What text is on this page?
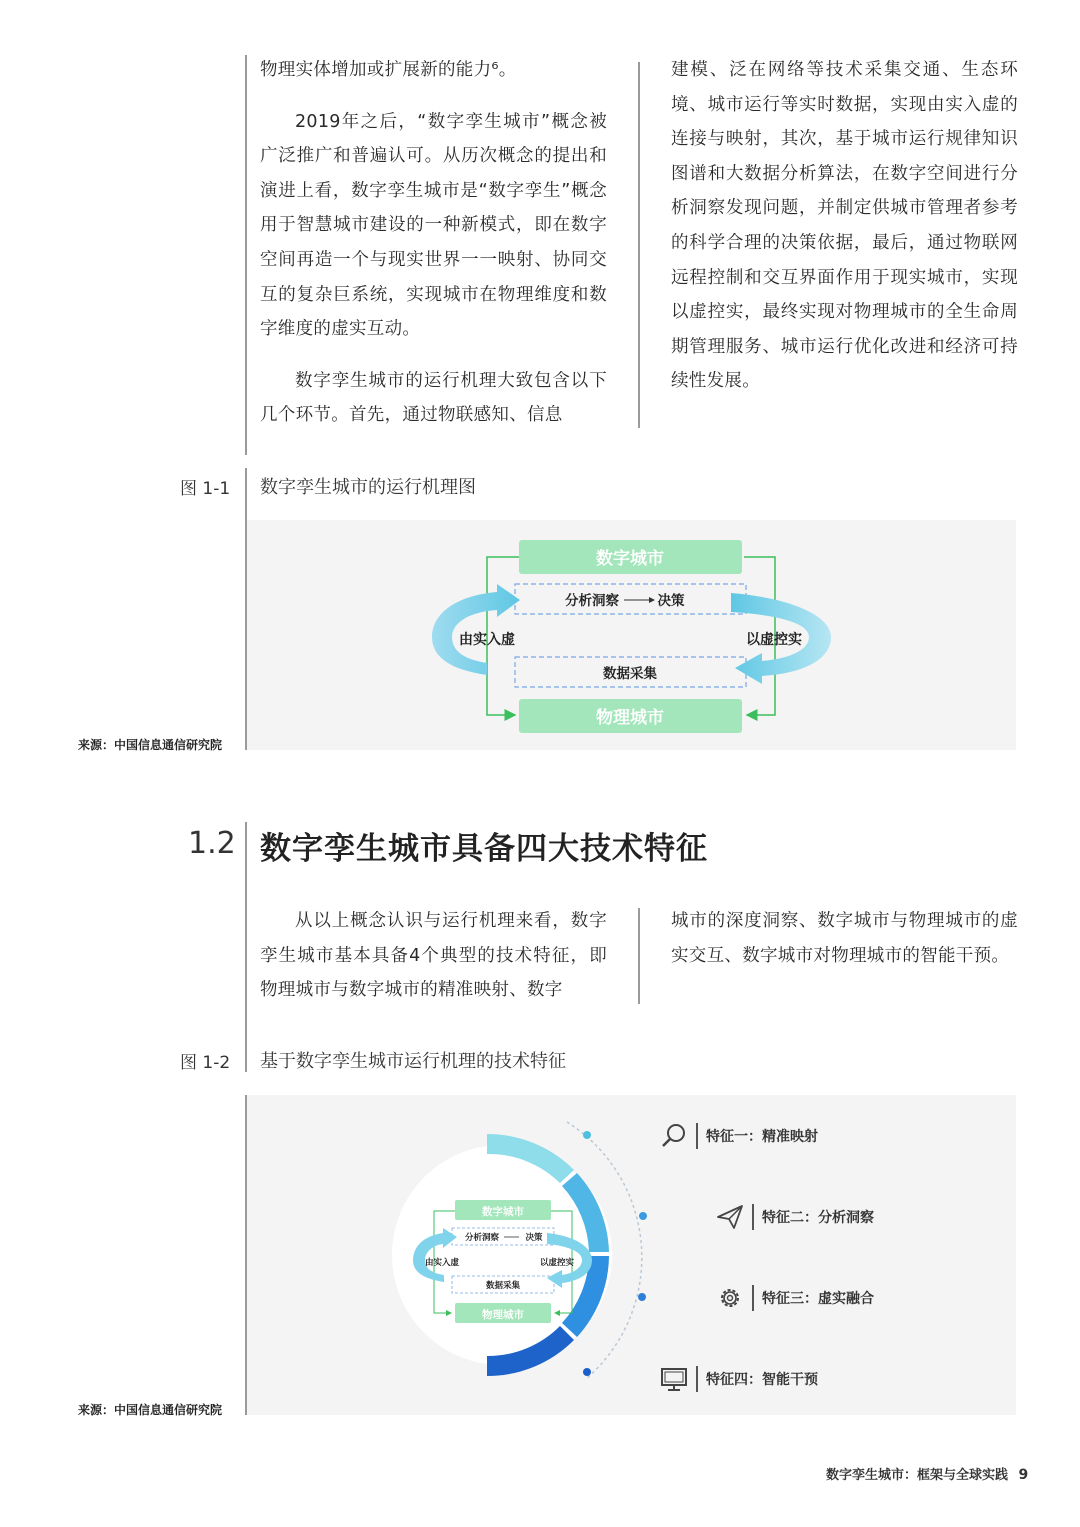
物理实体增加或扩展新的能力⁶。

2019年之后，“数字孪生城市”概念被广泛推广和普遍认可。从历次概念的提出和演进上看，数字孪生城市是“数字孪生”概念用于智慧城市建设的一种新模式，即在数字空间再造一个与现实世界一一映射、协同交互的复杂巨系统，实现城市在物理维度和数字维度的虚实互动。

数字孪生城市的运行机理大致包含以下几个环节。首先，通过物联感知、信息

建模、泛在网络等技术采集交通、生态环境、城市运行等实时数据，实现由实入虚的连接与映射，其次，基于城市运行规律知识图谱和大数据分析算法，在数字空间进行分析洞察发现问题，并制定供城市管理者参考的科学合理的决策依据，最后，通过物联网远程控制和交互界面作用于现实城市，实现以虚控实，最终实现对物理城市的全生命周期管理服务、城市运行优化改进和经济可持续性发展。

图 1-1 数字孪生城市的运行机理图
来源：中国信息通信研究院
数字城市
物理城市
分析洞察	决策
数据采集
由实入虚	以虚控实
1.2 数字孪生城市具备四大技术特征

从以上概念认识与运行机理来看，数字孪生城市基本具备4个典型的技术特征，即物理城市与数字城市的精准映射、数字

城市的深度洞察、数字城市与物理城市的虚实交互、数字城市对物理城市的智能干预。

图 1-2 基于数字孪生城市运行机理的技术特征
来源：中国信息通信研究院
数字城市
物理城市
分析洞察	决策
数据采集
由实入虚	以虚控实
特征一：精准映射
特征二：分析洞察
特征三：虚实融合
特征四：智能干预
数字孪生城市：框架与全球实践 9
